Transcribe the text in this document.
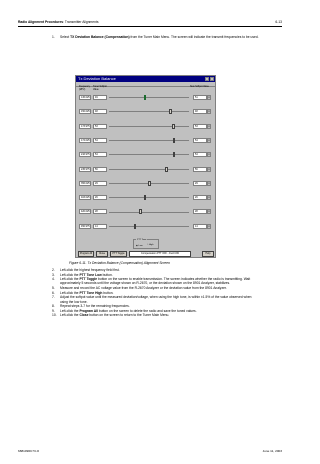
Radio Alignment Procedures: Transmitter Alignments	6-13
1. Select TX Deviation Balance (Compensation) from the Tuner Main Menu. The screen will indicate the transmit frequencies to be used.
Tx Deviation Balance
Frequency (MHz)
Tuner Softpot Value
New Softpot Value
136.025	49	51	▾
150.025	48	48	▾
173.975	53	53	▾
174.025	54	54	▾
216.975	54	54	▾
245.975	56	56	▾
356.025	29	29	▾
403.025	26	26	▾
420.025	28	28	▾
450.975	14	14	▾
PTT Tone
◉ Low ○ High
Program All	Close	PTT Toggle	Compensation PTT OFF - Fwd 0.80	Help
Figure 6-11. Tx Deviation Balance (Compensation) Alignment Screen
2. Left-click the highest frequency field first.
3. Left-click the PTT Tone Low button.
4. Left-click the PTT Toggle button on the screen to enable transmission. The screen indicates whether the radio is transmitting. Wait approximately 5 seconds until the voltage shown on R-2670, or the deviation shown on the 8901 Analyzer, stabilizes.
5. Measure and record the AC voltage value from the R-2670 Analyzer or the deviation value from the 8901 Analyzer.
6. Left-click the PTT Tone High button.
7. Adjust the softpot value until the measured deviation/voltage, when using the high tone, is within ±1.5% of the value observed when using the low tone.
8. Repeat steps 3-7 for the remaining frequencies.
9. Left-click the Program All button on the screen to delete the radio and save the tuned values.
10. Left-click the Close button on the screen to return to the Tuner Main Menu.
6881096C73-O	June 11, 2003
